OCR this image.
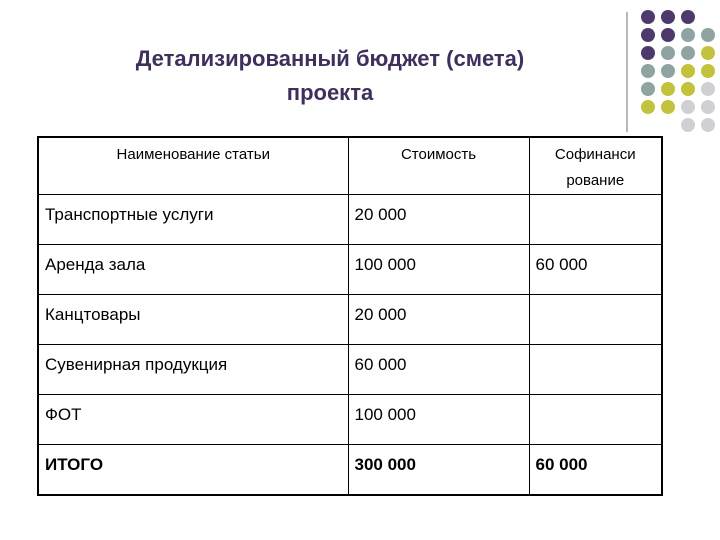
Детализированный бюджет (смета)
проекта
Наименование статьи	Стоимость	Софинанси рование
Транспортные услуги	20 000	
Аренда зала	100 000	60 000
Канцтовары	20 000	
Сувенирная продукция	60 000	
ФОТ	100 000	
ИТОГО	300 000	60 000
